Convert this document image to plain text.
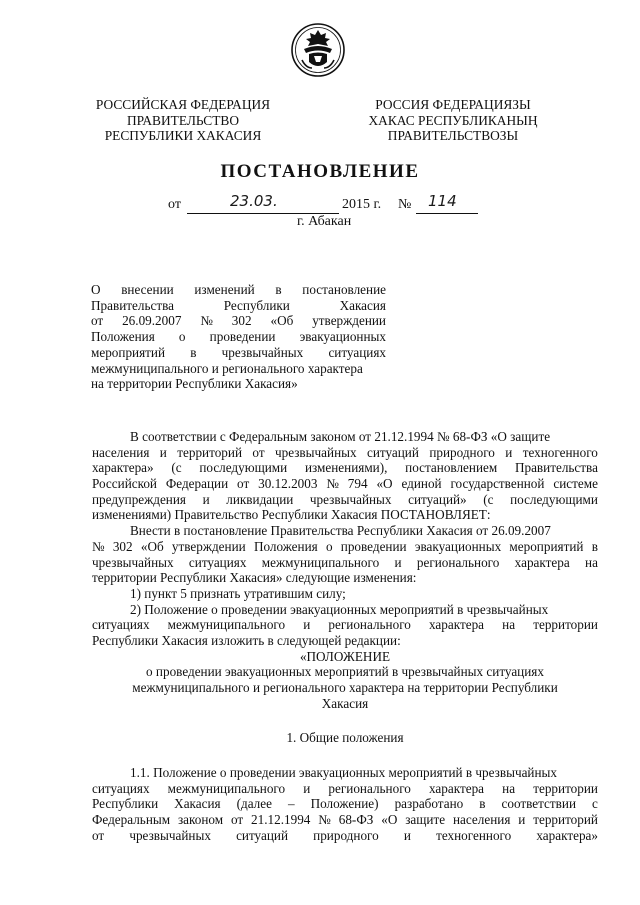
РОССИЙСКАЯ ФЕДЕРАЦИЯ
ПРАВИТЕЛЬСТВО
РЕСПУБЛИКИ ХАКАСИЯ
РОССИЯ ФЕДЕРАЦИЯЗЫ
ХАКАС РЕСПУБЛИКАНЫҢ
ПРАВИТЕЛЬСТВОЗЫ
ПОСТАНОВЛЕНИЕ
от	23.03.	2015 г. № 114
г. Абакан
О внесении изменений в постановление
Правительства	Республики	Хакасия
от 26.09.2007 № 302 «Об утверждении
Положения о проведении эвакуационных
мероприятий в чрезвычайных ситуациях
межмуниципального и регионального характера
на территории Республики Хакасия»
В соответствии с Федеральным законом от 21.12.1994 № 68-ФЗ «О защите
населения и территорий от чрезвычайных ситуаций природного и техногенного
характера» (с последующими изменениями), постановлением Правительства
Российской Федерации от 30.12.2003 № 794 «О единой государственной системе
предупреждения и ликвидации чрезвычайных ситуаций» (с последующими
изменениями) Правительство Республики Хакасия ПОСТАНОВЛЯЕТ:
Внести в постановление Правительства Республики Хакасия от 26.09.2007
№ 302 «Об утверждении Положения о проведении эвакуационных мероприятий в
чрезвычайных ситуациях межмуниципального и регионального характера на
территории Республики Хакасия» следующие изменения:
1) пункт 5 признать утратившим силу;
2) Положение о проведении эвакуационных мероприятий в чрезвычайных
ситуациях межмуниципального и регионального характера на территории
Республики Хакасия изложить в следующей редакции:
«ПОЛОЖЕНИЕ
о проведении эвакуационных мероприятий в чрезвычайных ситуациях
межмуниципального и регионального характера на территории Республики
Хакасия
1. Общие положения
1.1. Положение о проведении эвакуационных мероприятий в чрезвычайных
ситуациях межмуниципального и регионального характера на территории
Республики Хакасия (далее – Положение) разработано в соответствии с
Федеральным законом от 21.12.1994 № 68-ФЗ «О защите населения и территорий
от чрезвычайных ситуаций природного и техногенного характера»
